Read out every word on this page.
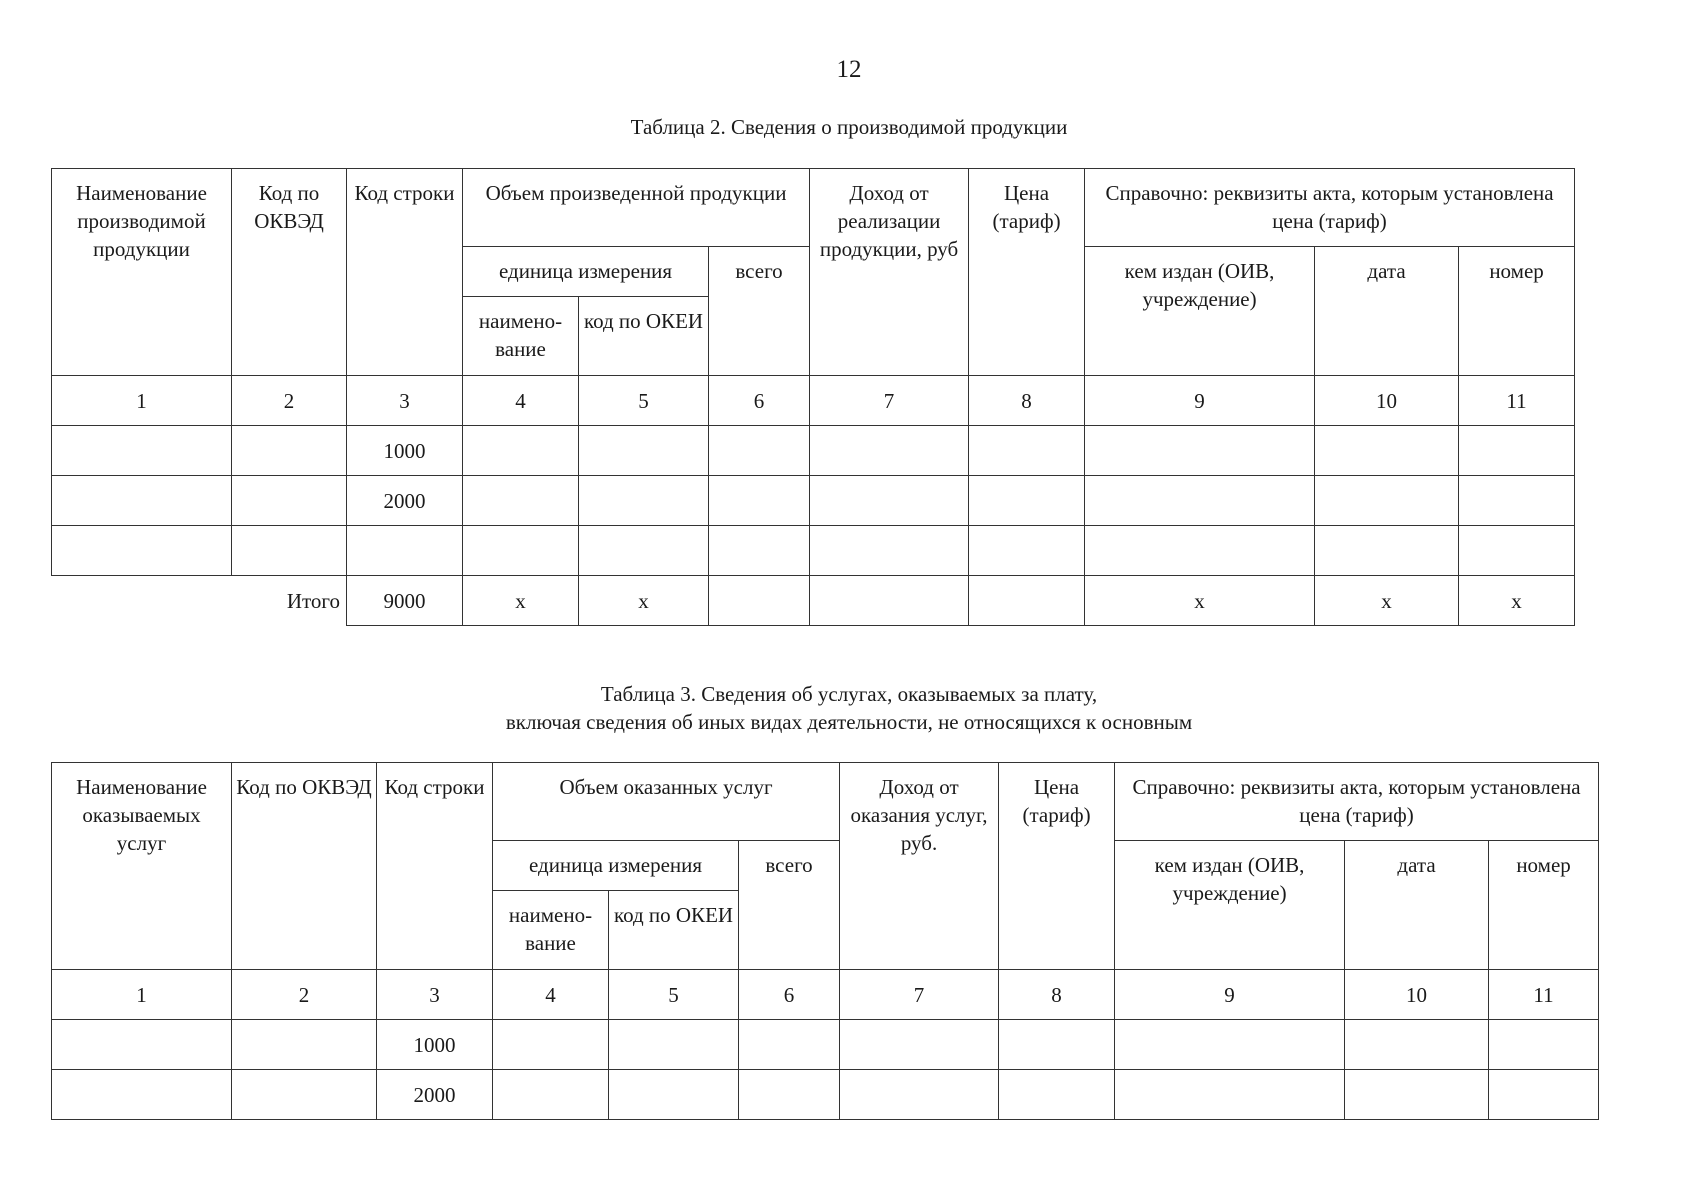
12
Таблица 2. Сведения о производимой продукции
Наименование производимой продукции	Код по ОКВЭД	Код строки	Объем произведенной продукции			Доход от реализации продукции, руб	Цена (тариф)	Справочно: реквизиты акта, которым установлена цена (тариф)		
			единица измерения		всего			кем издан (ОИВ, учреждение)	дата	номер
			наимено-вание	код по ОКЕИ						
1	2	3	4	5	6	7	8	9	10	11
		1000								
		2000								

Итого		9000	х	х				х	х	х
Таблица 3. Сведения об услугах, оказываемых за плату,
включая сведения об иных видах деятельности, не относящихся к основным
Наименование оказываемых услуг	Код по ОКВЭД	Код строки	Объем оказанных услуг			Доход от оказания услуг, руб.	Цена (тариф)	Справочно: реквизиты акта, которым установлена цена (тариф)		
			единица измерения		всего			кем издан (ОИВ, учреждение)	дата	номер
			наимено-вание	код по ОКЕИ						
1	2	3	4	5	6	7	8	9	10	11
		1000								
		2000								
